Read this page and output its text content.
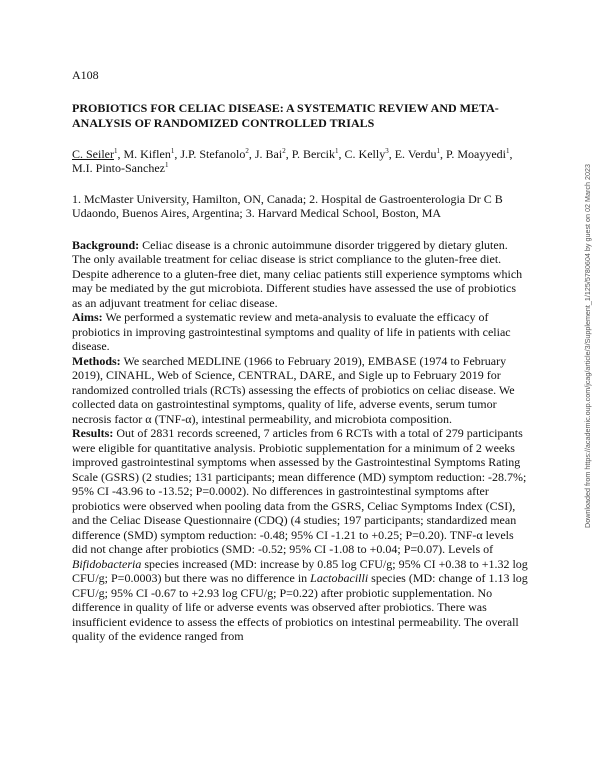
A108

PROBIOTICS FOR CELIAC DISEASE: A SYSTEMATIC REVIEW AND META-ANALYSIS OF RANDOMIZED CONTROLLED TRIALS

C. Seiler$^1$, M. Kiflen$^1$, J.P. Stefanolo$^2$, J. Bai$^2$, P. Bercik$^1$, C. Kelly$^3$, E. Verdu$^1$, P. Moayyedi$^1$, M.I. Pinto-Sanchez$^1$

1. McMaster University, Hamilton, ON, Canada; 2. Hospital de Gastroenterologia Dr C B Udaondo, Buenos Aires, Argentina; 3. Harvard Medical School, Boston, MA

Background: Celiac disease is a chronic autoimmune disorder triggered by dietary gluten. The only available treatment for celiac disease is strict compliance to the gluten-free diet. Despite adherence to a gluten-free diet, many celiac patients still experience symptoms which may be mediated by the gut microbiota. Different studies have assessed the use of probiotics as an adjuvant treatment for celiac disease.

Aims: We performed a systematic review and meta-analysis to evaluate the efficacy of probiotics in improving gastrointestinal symptoms and quality of life in patients with celiac disease.

Methods: We searched MEDLINE (1966 to February 2019), EMBASE (1974 to February 2019), CINAHL, Web of Science, CENTRAL, DARE, and Sigle up to February 2019 for randomized controlled trials (RCTs) assessing the effects of probiotics on celiac disease. We collected data on gastrointestinal symptoms, quality of life, adverse events, serum tumor necrosis factor α (TNF-α), intestinal permeability, and microbiota composition.

Results: Out of 2831 records screened, 7 articles from 6 RCTs with a total of 279 participants were eligible for quantitative analysis. Probiotic supplementation for a minimum of 2 weeks improved gastrointestinal symptoms when assessed by the Gastrointestinal Symptoms Rating Scale (GSRS) (2 studies; 131 participants; mean difference (MD) symptom reduction: -28.7%; 95% CI -43.96 to -13.52; P=0.0002). No differences in gastrointestinal symptoms after probiotics were observed when pooling data from the GSRS, Celiac Symptoms Index (CSI), and the Celiac Disease Questionnaire (CDQ) (4 studies; 197 participants; standardized mean difference (SMD) symptom reduction: -0.48; 95% CI -1.21 to +0.25; P=0.20). TNF-α levels did not change after probiotics (SMD: -0.52; 95% CI -1.08 to +0.04; P=0.07). Levels of Bifidobacteria species increased (MD: increase by 0.85 log CFU/g; 95% CI +0.38 to +1.32 log CFU/g; P=0.0003) but there was no difference in Lactobacilli species (MD: change of 1.13 log CFU/g; 95% CI -0.67 to +2.93 log CFU/g; P=0.22) after probiotic supplementation. No difference in quality of life or adverse events was observed after probiotics. There was insufficient evidence to assess the effects of probiotics on intestinal permeability. The overall quality of the evidence ranged from

Downloaded from https://academic.oup.com/jcag/article/3/Supplement_1/125/5780604 by guest on 02 March 2023
